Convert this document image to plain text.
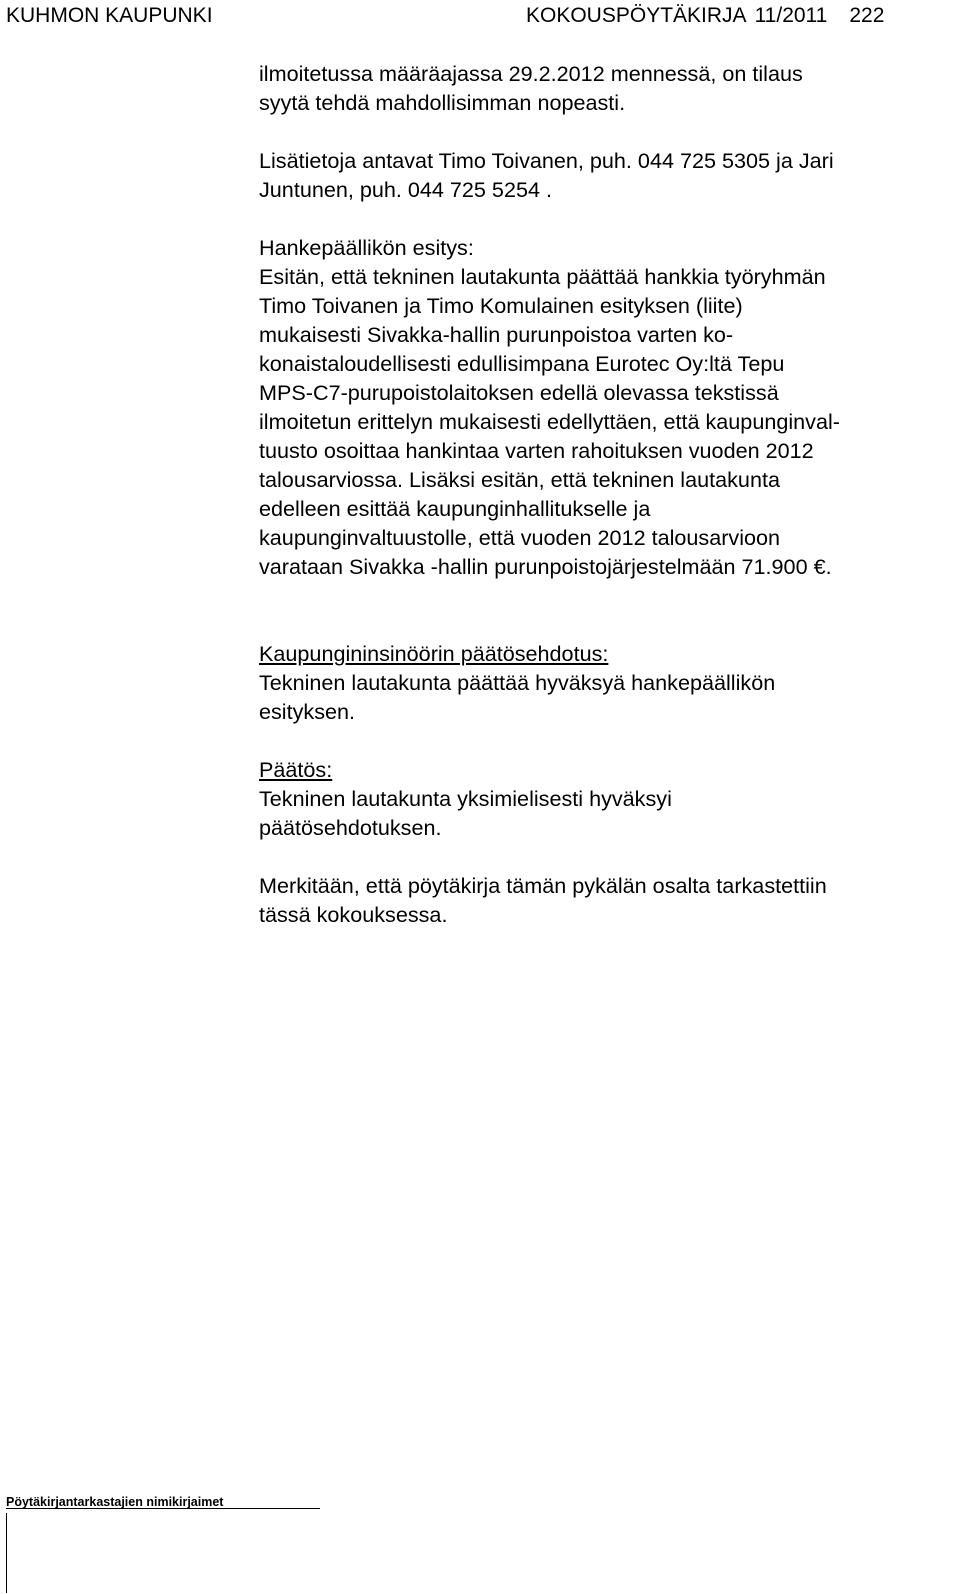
KUHMON KAUPUNKI	KOKOUSPÖYTÄKIRJA 11/2011 222

ilmoitetussa määräajassa 29.2.2012 mennessä, on tilaus

syytä tehdä mahdollisimman nopeasti.

Lisätietoja antavat Timo Toivanen, puh. 044 725 5305 ja Jari

Juntunen, puh. 044 725 5254 .

Hankepäällikön esitys:

Esitän, että tekninen lautakunta päättää hankkia työryhmän

Timo Toivanen ja Timo Komulainen esityksen (liite)

mukaisesti Sivakka-hallin purunpoistoa varten ko-

konaistaloudellisesti edullisimpana Eurotec Oy:ltä Tepu

MPS-C7-purupoistolaitoksen edellä olevassa tekstissä

ilmoitetun erittelyn mukaisesti edellyttäen, että kaupunginval-

tuusto osoittaa hankintaa varten rahoituksen vuoden 2012

talousarviossa. Lisäksi esitän, että tekninen lautakunta

edelleen esittää kaupunginhallitukselle ja

kaupunginvaltuustolle, että vuoden 2012 talousarvioon

varataan Sivakka -hallin purunpoistojärjestelmään 71.900 €.

Kaupungininsinöörin päätösehdotus:

Tekninen lautakunta päättää hyväksyä hankepäällikön

esityksen.

Päätös:

Tekninen lautakunta yksimielisesti hyväksyi

päätösehdotuksen.

Merkitään, että pöytäkirja tämän pykälän osalta tarkastettiin

tässä kokouksessa.

Pöytäkirjantarkastajien nimikirjaimet
